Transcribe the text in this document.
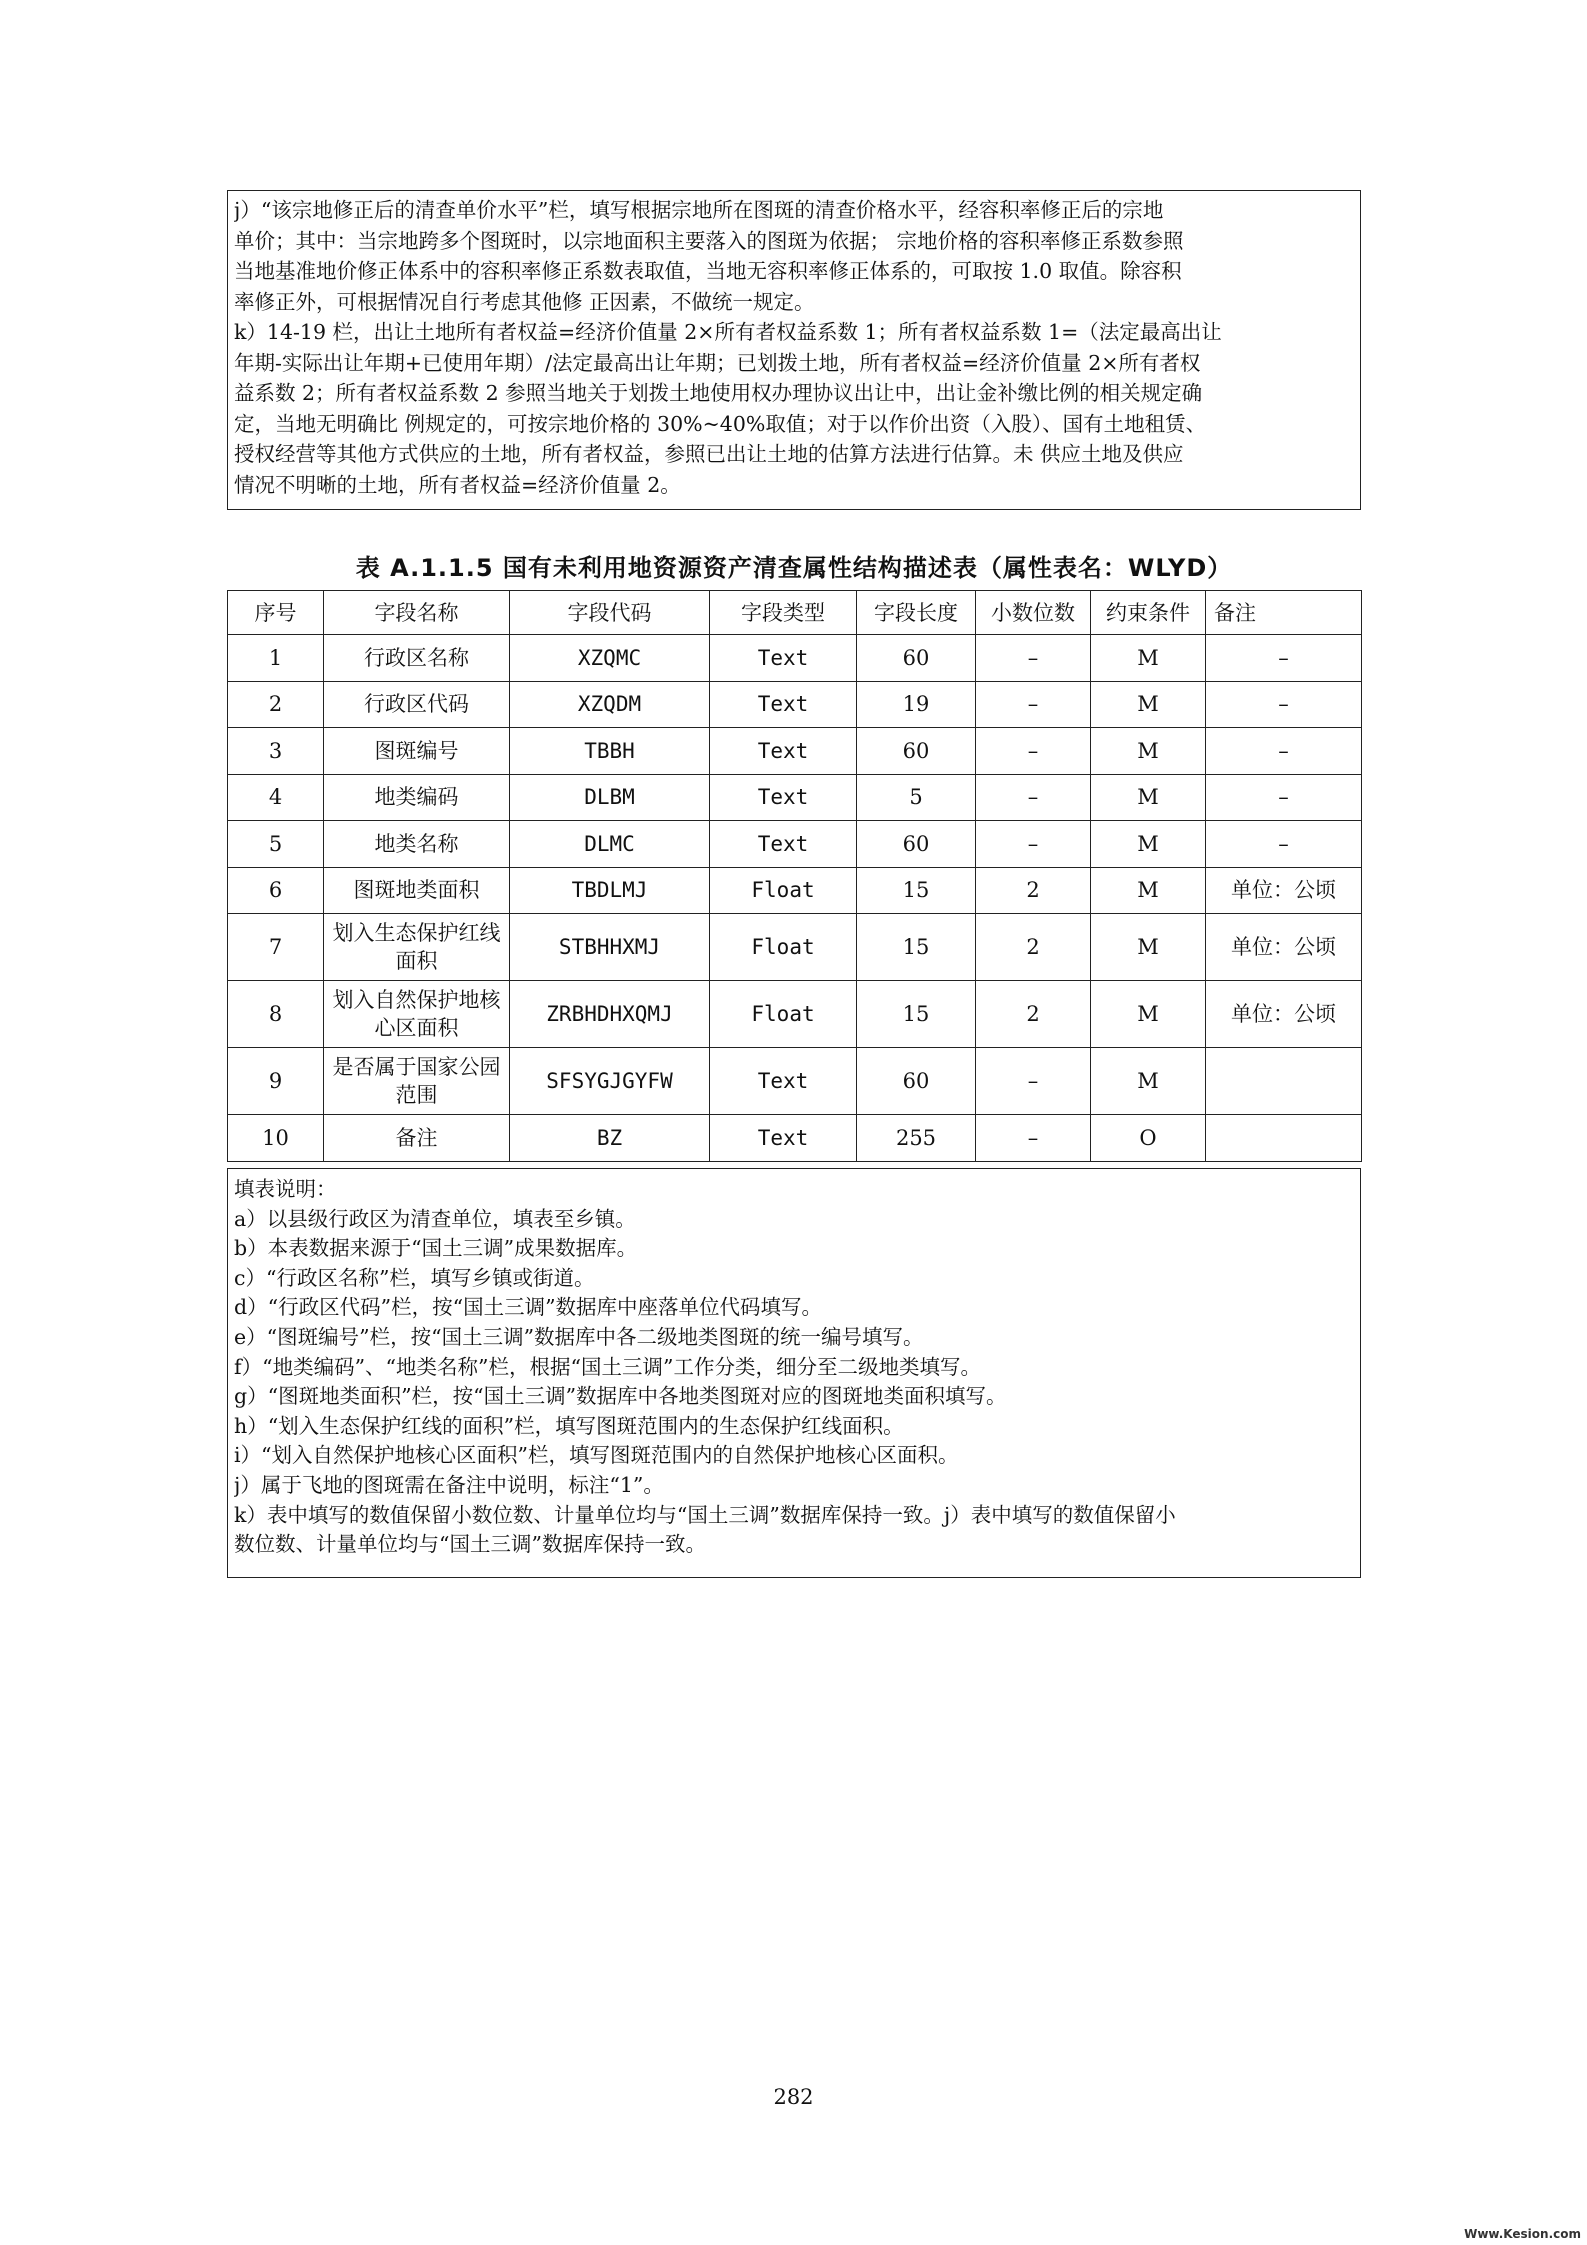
j）“该宗地修正后的清查单价水平”栏，填写根据宗地所在图斑的清查价格水平，经容积率修正后的宗地
单价；其中：当宗地跨多个图斑时，以宗地面积主要落入的图斑为依据； 宗地价格的容积率修正系数参照
当地基准地价修正体系中的容积率修正系数表取值，当地无容积率修正体系的，可取按 1.0 取值。除容积
率修正外，可根据情况自行考虑其他修 正因素，不做统一规定。
k）14-19 栏，出让土地所有者权益=经济价值量 2×所有者权益系数 1；所有者权益系数 1=（法定最高出让
年期-实际出让年期+已使用年期）/法定最高出让年期；已划拨土地，所有者权益=经济价值量 2×所有者权
益系数 2；所有者权益系数 2 参照当地关于划拨土地使用权办理协议出让中，出让金补缴比例的相关规定确
定，当地无明确比 例规定的，可按宗地价格的 30%~40%取值；对于以作价出资（入股）、国有土地租赁、
授权经营等其他方式供应的土地，所有者权益，参照已出让土地的估算方法进行估算。未 供应土地及供应
情况不明晰的土地，所有者权益=经济价值量 2。
表 A.1.1.5 国有未利用地资源资产清查属性结构描述表（属性表名：WLYD）
序号	字段名称	字段代码	字段类型	字段长度	小数位数	约束条件	备注
1	行政区名称	XZQMC	Text	60	–	M	–
2	行政区代码	XZQDM	Text	19	–	M	–
3	图斑编号	TBBH	Text	60	–	M	–
4	地类编码	DLBM	Text	5	–	M	–
5	地类名称	DLMC	Text	60	–	M	–
6	图斑地类面积	TBDLMJ	Float	15	2	M	单位：公顷
7	划入生态保护红线面积	STBHHXMJ	Float	15	2	M	单位：公顷
8	划入自然保护地核心区面积	ZRBHDHXQMJ	Float	15	2	M	单位：公顷
9	是否属于国家公园范围	SFSYGJGYFW	Text	60	–	M	
10	备注	BZ	Text	255	–	O	
填表说明：
a）以县级行政区为清查单位，填表至乡镇。
b）本表数据来源于“国土三调”成果数据库。
c）“行政区名称”栏，填写乡镇或街道。
d）“行政区代码”栏，按“国土三调”数据库中座落单位代码填写。
e）“图斑编号”栏，按“国土三调”数据库中各二级地类图斑的统一编号填写。
f）“地类编码”、“地类名称”栏，根据“国土三调”工作分类，细分至二级地类填写。
g）“图斑地类面积”栏，按“国土三调”数据库中各地类图斑对应的图斑地类面积填写。
h）“划入生态保护红线的面积”栏，填写图斑范围内的生态保护红线面积。
i）“划入自然保护地核心区面积”栏，填写图斑范围内的自然保护地核心区面积。
j）属于飞地的图斑需在备注中说明，标注“1”。
k）表中填写的数值保留小数位数、计量单位均与“国土三调”数据库保持一致。j）表中填写的数值保留小
数位数、计量单位均与“国土三调”数据库保持一致。
282
Www.Kesion.com
